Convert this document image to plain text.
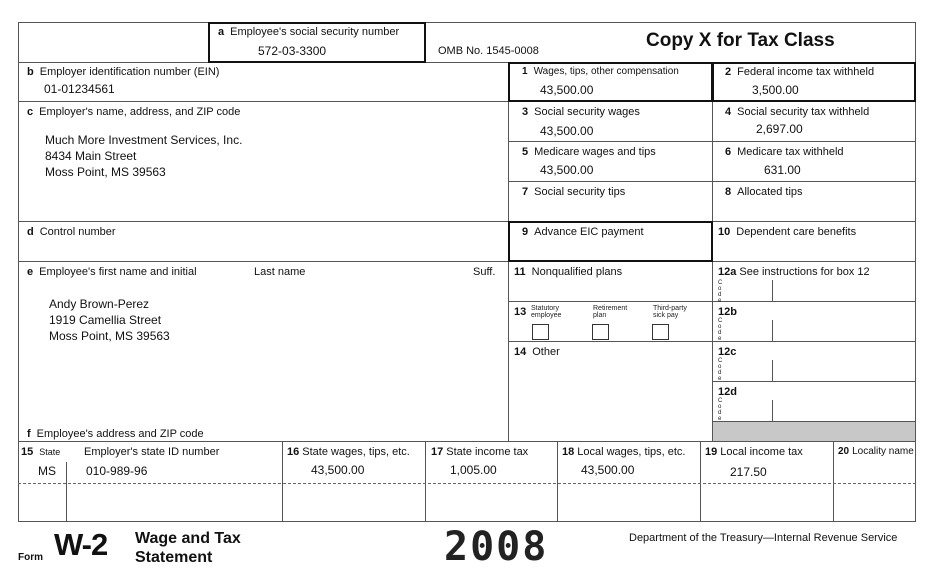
a Employee's social security number
572-03-3300	OMB No. 1545-0008	Copy X for Tax Class
b Employer identification number (EIN)
01-01234561
1 Wages, tips, other compensation
43,500.00
2 Federal income tax withheld
3,500.00
c Employer's name, address, and ZIP code
Much More Investment Services, Inc.
8434 Main Street
Moss Point, MS 39563
3 Social security wages
43,500.00
4 Social security tax withheld
2,697.00
5 Medicare wages and tips
43,500.00
6 Medicare tax withheld
631.00
7 Social security tips	8 Allocated tips
d Control number	9 Advance EIC payment	10 Dependent care benefits
e Employee's first name and initial	Last name	Suff.
Andy Brown-Perez
1919 Camellia Street
Moss Point, MS 39563
f Employee's address and ZIP code
11 Nonqualified plans	12a See instructions for box 12
Code
13 Statutory employee
Retirement plan
Third-party sick pay	12b
Code
14 Other	12c
Code
12d
Code
15 State Employer's state ID number
MS	010-989-96
16 State wages, tips, etc.
43,500.00
17 State income tax
1,005.00
18 Local wages, tips, etc.
43,500.00
19 Local income tax
217.50
20 Locality name
Form W-2 Wage and Tax
Statement	2008	Department of the Treasury—Internal Revenue Service
